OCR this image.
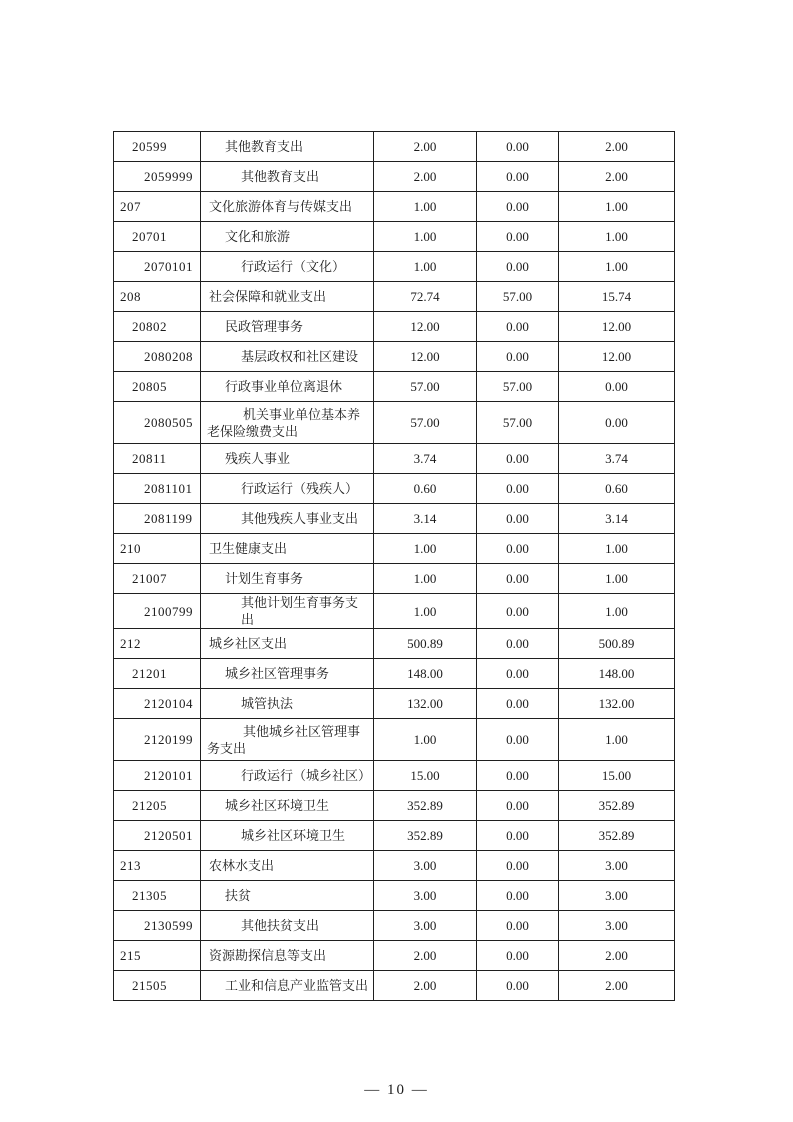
20599	其他教育支出	2.00	0.00	2.00
2059999	其他教育支出	2.00	0.00	2.00
207	文化旅游体育与传媒支出	1.00	0.00	1.00
20701	文化和旅游	1.00	0.00	1.00
2070101	行政运行（文化）	1.00	0.00	1.00
208	社会保障和就业支出	72.74	57.00	15.74
20802	民政管理事务	12.00	0.00	12.00
2080208	基层政权和社区建设	12.00	0.00	12.00
20805	行政事业单位离退休	57.00	57.00	0.00
2080505	机关事业单位基本养老保险缴费支出	57.00	57.00	0.00
20811	残疾人事业	3.74	0.00	3.74
2081101	行政运行（残疾人）	0.60	0.00	0.60
2081199	其他残疾人事业支出	3.14	0.00	3.14
210	卫生健康支出	1.00	0.00	1.00
21007	计划生育事务	1.00	0.00	1.00
2100799	其他计划生育事务支出	1.00	0.00	1.00
212	城乡社区支出	500.89	0.00	500.89
21201	城乡社区管理事务	148.00	0.00	148.00
2120104	城管执法	132.00	0.00	132.00
2120199	其他城乡社区管理事务支出	1.00	0.00	1.00
2120101	行政运行（城乡社区）	15.00	0.00	15.00
21205	城乡社区环境卫生	352.89	0.00	352.89
2120501	城乡社区环境卫生	352.89	0.00	352.89
213	农林水支出	3.00	0.00	3.00
21305	扶贫	3.00	0.00	3.00
2130599	其他扶贫支出	3.00	0.00	3.00
215	资源勘探信息等支出	2.00	0.00	2.00
21505	工业和信息产业监管支出	2.00	0.00	2.00
— 10 —
